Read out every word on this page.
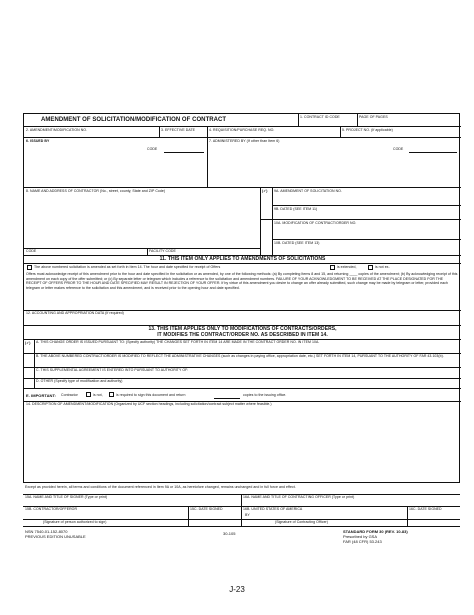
AMENDMENT OF SOLICITATION/MODIFICATION OF CONTRACT	1. CONTRACT ID CODE	PAGE OF PAGES
2. AMENDMENT/MODIFICATION NO.	3. EFFECTIVE DATE	4. REQUISITION/PURCHASE REQ. NO.	5. PROJECT NO. (If applicable)
6. ISSUED BY
CODE
7. ADMINISTERED BY (If other than Item 6)
CODE
8. NAME AND ADDRESS OF CONTRACTOR (No., street, county, State and ZIP Code)	(✓) 9A. AMENDMENT OF SOLICITATION NO.
9B. DATED (SEE ITEM 11)
10A. MODIFICATION OF CONTRACT/ORDER NO.
10B. DATED (SEE ITEM 13)
CODE	FACILITY CODE
11. THIS ITEM ONLY APPLIES TO AMENDMENTS OF SOLICITATIONS
The above numbered solicitation is amended as set forth in Item 14. The hour and date specified for receipt of Offers	is extended,	is not ex-
Offers must acknowledge receipt of this amendment prior to the hour and date specified in the solicitation or as amended, by one of the following methods: (a) By completing Items 8 and 15, and returning ____ copies of the amendment; (b) By acknowledging receipt of this amendment on each copy of the offer submitted; or (c) By separate letter or telegram which includes a reference to the solicitation and amendment numbers. FAILURE OF YOUR ACKNOWLEDGMENT TO BE RECEIVED AT THE PLACE DESIGNATED FOR THE RECEIPT OF OFFERS PRIOR TO THE HOUR AND DATE SPECIFIED MAY RESULT IN REJECTION OF YOUR OFFER. If by virtue of this amendment you desire to change an offer already submitted, such change may be made by telegram or letter, provided each telegram or letter makes reference to the solicitation and this amendment, and is received prior to the opening hour and date specified.
12. ACCOUNTING AND APPROPRIATION DATA (If required)
13. THIS ITEM APPLIES ONLY TO MODIFICATIONS OF CONTRACTS/ORDERS,
IT MODIFIES THE CONTRACT/ORDER NO. AS DESCRIBED IN ITEM 14.
(✓) A. THIS CHANGE ORDER IS ISSUED PURSUANT TO: (Specify authority) THE CHANGES SET FORTH IN ITEM 14 ARE MADE IN THE CONTRACT ORDER NO. IN ITEM 10A.
B. THE ABOVE NUMBERED CONTRACT/ORDER IS MODIFIED TO REFLECT THE ADMINISTRATIVE CHANGES (such as changes in paying office, appropriation date, etc.) SET FORTH IN ITEM 14, PURSUANT TO THE AUTHORITY OF FAR 43.103(b).
C. THIS SUPPLEMENTAL AGREEMENT IS ENTERED INTO PURSUANT TO AUTHORITY OF:
D. OTHER (Specify type of modification and authority)
E. IMPORTANT: Contractor	is not,	is required to sign this document and return	copies to the issuing office.
14. DESCRIPTION OF AMENDMENT/MODIFICATION (Organized by UCF section headings, including solicitation/contract subject matter where feasible.)
Except as provided herein, all terms and conditions of the document referenced in Item 9A or 10A, as heretofore changed, remains unchanged and in full force and effect.
15A. NAME AND TITLE OF SIGNER (Type or print)	16A. NAME AND TITLE OF CONTRACTING OFFICER (Type or print)
15B. CONTRACTOR/OFFEROR	15C. DATE SIGNED	16B. UNITED STATES OF AMERICA
BY
16C. DATE SIGNED
(Signature of person authorized to sign)	(Signature of Contracting Officer)
NSN 7540-01-152-8070
PREVIOUS EDITION UNUSABLE
30-105	STANDARD FORM 30 (REV. 10-83)
Prescribed by GSA
FAR (48 CFR) 53.243
J-23
